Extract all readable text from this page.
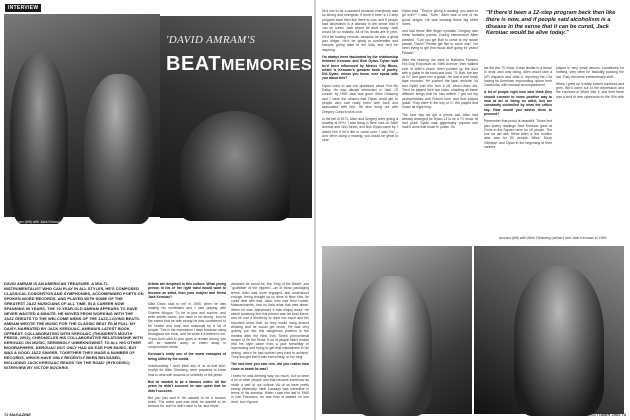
INTERVIEW
Amram (left) with Jack Kerouac in 1959
'DAVID AMRAM'S
BEATMEMORIES
DAVID AMRAM IS AN AMERICAN TREASURE. A MULTI-INSTRUMENTALIST WHO CAN PLAY IN ALL STYLES, HE'S COMPOSED CLASSICAL CONCERTOS AND SYMPHONIES, ACCOMPANIED POETS ON SPOKEN-WORD RECORDS, AND PLAYED WITH SOME OF THE GREATEST JAZZ MUSICIANS OF ALL TIME. IN A CAREER NOW SPANNING 50 YEARS, THE 70-YEAR-OLD AMRAM APPEARS TO HAVE NEVER WASTED A MINUTE. HE MOVED FROM WORKING WITH THE JAZZ GREATS TO THE WELCOME ARMS OF THE JAZZ-LOVING BEATS. AMRAM WROTE THE MUSIC FOR THE CLASSIC BEAT FILM PULL MY DAISY, NARRATED BY JACK KEROUAC. AMRAM'S LATEST BOOK OFFBEAT: COLLABORATING WITH KEROUAC (THUNDER'S MOUTH PRESS, 2002), CHRONICLES HIS COLLABORATIVE RELATIONSHIP WITH KEROUAC ON MUSIC, SEEMINGLY UNBEKNOWNST TO ALL HIS OTHER BIOGRAPHERS. KEROUAC NOT ONLY HAD AN EAR FOR MUSIC, BUT WAS A GOOD JAZZ SINGER. TOGETHER THEY MADE A NUMBER OF RECORDS, WHICH HAVE ONLY RECENTLY BEEN RELEASED, INCLUDING JACK KEROUAC READS 'ON THE ROAD' (RYKODISC). INTERVIEW BY VICTOR BOCKRIS

Artists are despised in this culture. What young person in his or her right mind would want to become an artist, then your subject and friend Jack Kerouac?

Mike Davis said to me in 1959, when he was making his comeback and I was playing with Charles Mingus: 'To be in jazz and survive, and write artistic music, you have to be strong.' And to the extent that he was strong he was considered to be hostile and rude and antisocial by a lot of people. This is the expression I have because using throughout the book, and he wrote it a letters to me: 'If you don't stick to your guns or remain strong, you will be washed away or eaten away in compromised seats.'

Kerouac's really one of the worst examples of being killed by the media.

Unfortunately, I don't think any of us at that time, except for Allen Ginsberg, were prepared to know how to deal with success or celebrity or the press.

But he wanted to be a famous writer. All the years he didn't succeed he was upset that he didn't succeed.

But you just said it. He wanted to be a famous writer. The writer part was what he wanted to be famous for, and he didn't want to be, and never

dreamed he would be, the "king of the Beats" and "godfather of the hippies"—all of those packaging terms. Allen was more engaged, and understood enough, being brought up so close to New York, he could deal with that. Jack, who was from Lowell, Massachusetts, had no idea what that was about. When he was interviewed it was simply awful. He would suddenly feel this person was his best friend, and he had a tendency to drink too much and the reporters knew that, so they would hang around drinking and he would get drunk. He was very quickly put into this dangerous position in the months after the New York Times' phenomenal review of On the Road. A lot of people didn't realize that his style came from a jazz sensibility of improvising and trying to get that naturalness in his writing, which he had worked very hard to achieve. They thought that it was bad writing, or too long.

The last time you saw him, did you realize how close to death he was?

I knew he was drinking way too much, but so were a lot of other people and that became somehow as much a part of our culture. All of us were pretty strong physically. Neal Cassady was incredible in terms of his stamina. When I saw him last in 1965 in San Francisco, he was kind of wasted on one level, but I figured

72 MAGAZINE

he'd live to be a hundred because everybody was so strong and energetic. If there'd been a 12-step program back then like there is now, and if people said alcoholism is a disease in the sense that it can be cured, Jack would be alive today. Jack would be so realistic. All of his books are in print. He'd be making records, because he was a great jazz singer. He'd be going to universities and schools giving talks to the kids, and he'd be inspiring.

I'm always been fascinated by the relationship between Kerouac and Bob Dylan. Dylan said he'd been influenced by Mexico City Blues, which is Kerouac's greatest book of poetry. Did Dylan, whom you knew, ever speak with you about this?

Dylan used to ask me questions about Pull My Daisy. He was always interested in Jack. Of course, by 1959 Jack was gone. Allen Ginsberg and I were the closest that Dylan could get to people who had really been with Jack and associated with him. He also hung out with Gregory Corso's work a lot.

In the fall of 1971, Allen and Gregory were giving a reading at NYU. I was living in New York on Sixth Avenue and 11th Street, and Bob Dylan came by. I asked him if he'd like to come over. I said 'I'm'— And we're doing a reading, you would be great to hear.

Dylan said, "They're giving a reading, you want to go over?" I said, "Sure." Allen was in one of his gurus stages. He was wearing these big white robes

and had these little finger cymbals. Gregory was these fantastic poems. During intermission Allen pleaded, "Can you get Bob to come to my house please, David? Please get him to come over. I've been trying to get this music stuff going for years! Please!"

After the reading, we went to Nathan's Famous Hot Dog Emporium on Sixth Avenue, then walked over to Allen's place. Allen pointed up the door with a guitar in his hand and said, "G, Bob, the key of G!" and gave him a guitar. He had a real funky tape recorder. He pushed the tape recorder on and Dylan told him 'turn it off, which Allen did. Then he played their two kicks, chanting all these different songs that he had written. I got out my pennywhistles and French horn and Bob played guitar. They were in the key of G. We played that music all night long.

The next day we got a phone call. Allen had already arranged for Dylan 13 to be a TV show. At that point, Dylan was gigantically popular and hadn't done that much in public. So

"If there'd been a 12-step program back then like there is now, and if people said alcoholism is a disease in the sense that it can be cured, Jack Kerouac would be alive today."

we did this TV show. It was similar in a sense to what Jack was doing. Allen would take a UPI dispatch and read it, reporting the CIA having its American impounding opium from Cambodia, with musical accompaniment.

A lot of people right now who think they should connect to some positive way to look at art or being an artist, but are constantly controlled by what the critics say. How would you advise them to proceed?

Remember that proud is beautiful. Those first jazz poetry readings Jack Kerouac gave at Circle-in-the-Square were for 40 people. The one he did with Steve Allen a few months later was for 50 people. Miles, Dizzy Gillespie, and Dylan in the beginning of their careers

played in very small venues, sometimes for nothing, very often for basically passing the hat. They did some extraordinary stuff.

When I grew up it really looked hopeless and grim. We'd come out of the depression and the euphoria of World War II, and then there was a kind of new oppression in the '50s with

Amram (left) with Allen Ginsberg (center) and Jack Kerouac in 1959
OCTOBER 2002 73
